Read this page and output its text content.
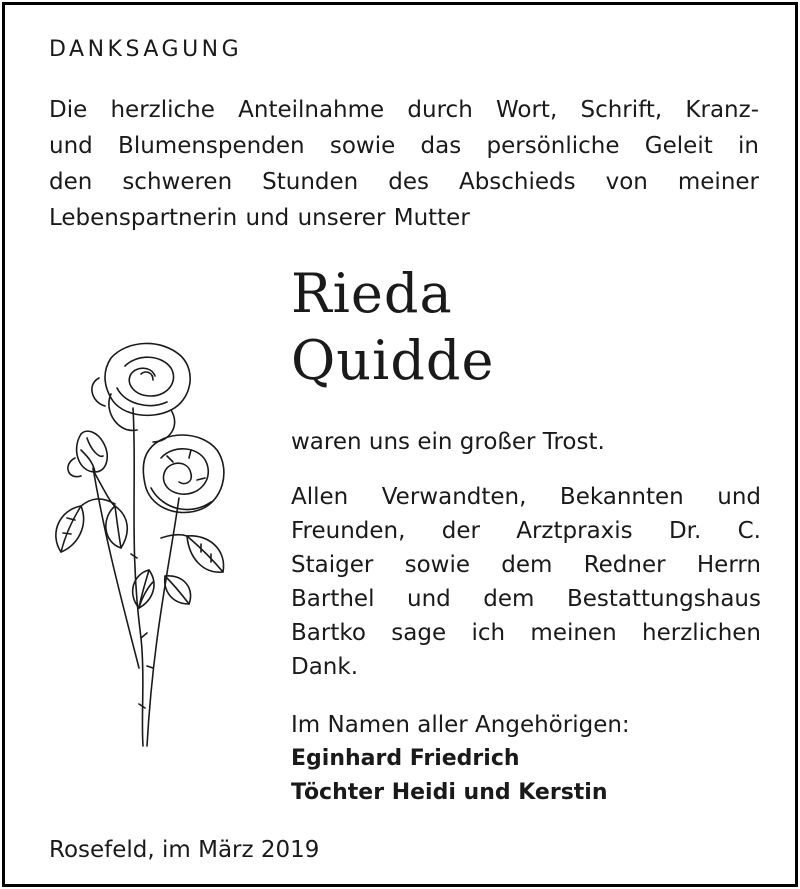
DANKSAGUNG
Die herzliche Anteilnahme durch Wort, Schrift, Kranz-
und Blumenspenden sowie das persönliche Geleit in
den schweren Stunden des Abschieds von meiner
Lebenspartnerin und unserer Mutter
Rieda
Quidde
waren uns ein großer Trost.
Allen Verwandten, Bekannten und
Freunden, der Arztpraxis Dr. C.
Staiger sowie dem Redner Herrn
Barthel und dem Bestattungshaus
Bartko sage ich meinen herzlichen
Dank.
Im Namen aller Angehörigen:
Eginhard Friedrich
Töchter Heidi und Kerstin
Rosefeld, im März 2019
